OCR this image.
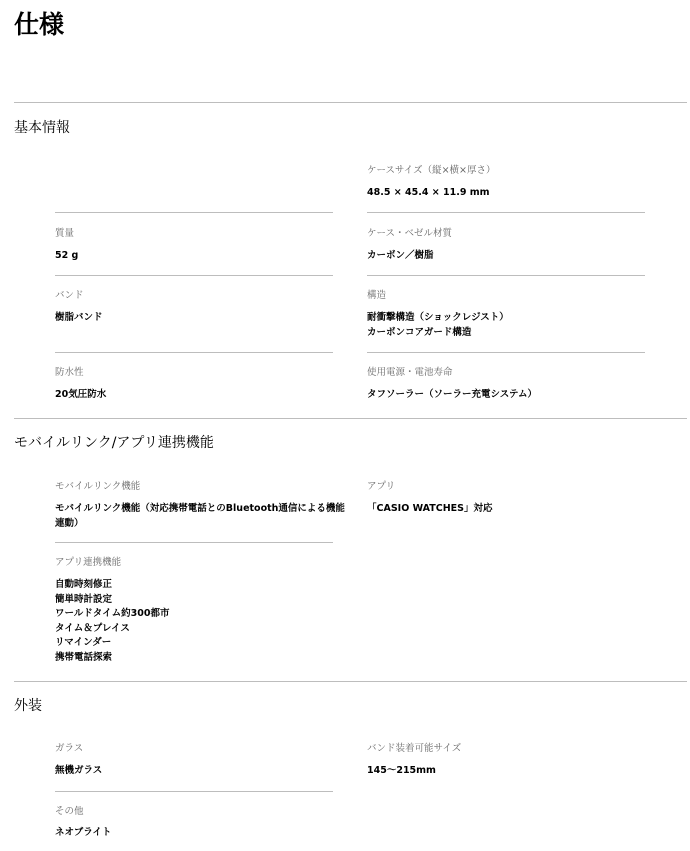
仕様
基本情報
ケースサイズ（縦×横×厚さ）
48.5 × 45.4 × 11.9 mm
質量
52 g
ケース・ベゼル材質
カーボン／樹脂
バンド
樹脂バンド
構造
耐衝撃構造（ショックレジスト）
カーボンコアガード構造
防水性
20気圧防水
使用電源・電池寿命
タフソーラー（ソーラー充電システム）
モバイルリンク/アプリ連携機能
モバイルリンク機能
モバイルリンク機能（対応携帯電話とのBluetooth通信による機能
連動）
アプリ
「CASIO WATCHES」対応
アプリ連携機能
自動時刻修正
簡単時計設定
ワールドタイム約300都市
タイム＆プレイス
リマインダー
携帯電話探索
外装
ガラス
無機ガラス
バンド装着可能サイズ
145〜215mm
その他
ネオブライト
